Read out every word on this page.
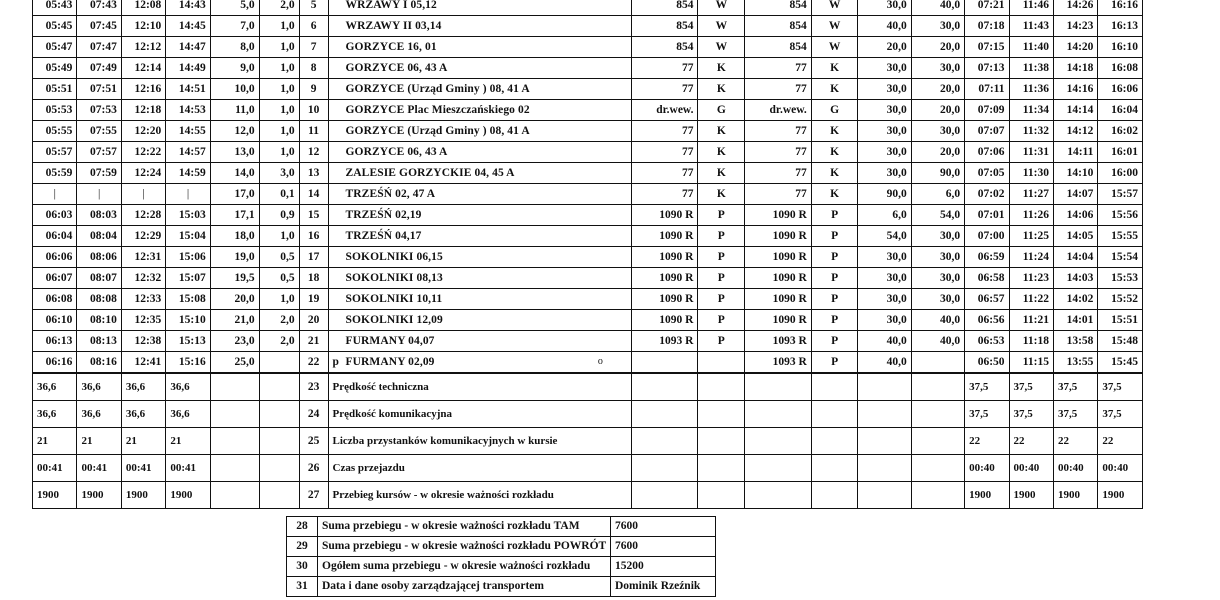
05:43	07:43	12:08	14:43	5,0	2,0	5	WRZAWY I 05,12	854	W	854	W	30,0	40,0	07:21	11:46	14:26	16:16
05:45	07:45	12:10	14:45	7,0	1,0	6	WRZAWY II 03,14	854	W	854	W	40,0	30,0	07:18	11:43	14:23	16:13
05:47	07:47	12:12	14:47	8,0	1,0	7	GORZYCE 16, 01	854	W	854	W	20,0	20,0	07:15	11:40	14:20	16:10
05:49	07:49	12:14	14:49	9,0	1,0	8	GORZYCE 06, 43 A	77	K	77	K	30,0	30,0	07:13	11:38	14:18	16:08
05:51	07:51	12:16	14:51	10,0	1,0	9	GORZYCE (Urząd Gminy ) 08, 41 A	77	K	77	K	30,0	20,0	07:11	11:36	14:16	16:06
05:53	07:53	12:18	14:53	11,0	1,0	10	GORZYCE Plac Mieszczańskiego 02	dr.wew.	G	dr.wew.	G	30,0	20,0	07:09	11:34	14:14	16:04
05:55	07:55	12:20	14:55	12,0	1,0	11	GORZYCE (Urząd Gminy ) 08, 41 A	77	K	77	K	30,0	30,0	07:07	11:32	14:12	16:02
05:57	07:57	12:22	14:57	13,0	1,0	12	GORZYCE 06, 43 A	77	K	77	K	30,0	20,0	07:06	11:31	14:11	16:01
05:59	07:59	12:24	14:59	14,0	3,0	13	ZALESIE GORZYCKIE 04, 45 A	77	K	77	K	30,0	90,0	07:05	11:30	14:10	16:00
|	|	|	|	17,0	0,1	14	TRZEŚŃ 02, 47 A	77	K	77	K	90,0	6,0	07:02	11:27	14:07	15:57
06:03	08:03	12:28	15:03	17,1	0,9	15	TRZEŚŃ 02,19	1090 R	P	1090 R	P	6,0	54,0	07:01	11:26	14:06	15:56
06:04	08:04	12:29	15:04	18,0	1,0	16	TRZEŚŃ 04,17	1090 R	P	1090 R	P	54,0	30,0	07:00	11:25	14:05	15:55
06:06	08:06	12:31	15:06	19,0	0,5	17	SOKOLNIKI 06,15	1090 R	P	1090 R	P	30,0	30,0	06:59	11:24	14:04	15:54
06:07	08:07	12:32	15:07	19,5	0,5	18	SOKOLNIKI 08,13	1090 R	P	1090 R	P	30,0	30,0	06:58	11:23	14:03	15:53
06:08	08:08	12:33	15:08	20,0	1,0	19	SOKOLNIKI 10,11	1090 R	P	1090 R	P	30,0	30,0	06:57	11:22	14:02	15:52
06:10	08:10	12:35	15:10	21,0	2,0	20	SOKOLNIKI 12,09	1090 R	P	1090 R	P	30,0	40,0	06:56	11:21	14:01	15:51
06:13	08:13	12:38	15:13	23,0	2,0	21	FURMANY 04,07	1093 R	P	1093 R	P	40,0	40,0	06:53	11:18	13:58	15:48
06:16	08:16	12:41	15:16	25,0		22	p FURMANY 02,09 o			1093 R	P	40,0		06:50	11:15	13:55	15:45
36,6	36,6	36,6	36,6			23	Prędkość techniczna							37,5	37,5	37,5	37,5
36,6	36,6	36,6	36,6			24	Prędkość komunikacyjna							37,5	37,5	37,5	37,5
21	21	21	21			25	Liczba przystanków komunikacyjnych w kursie							22	22	22	22
00:41	00:41	00:41	00:41			26	Czas przejazdu							00:40	00:40	00:40	00:40
1900	1900	1900	1900			27	Przebieg kursów - w okresie ważności rozkładu							1900	1900	1900	1900
28	Suma przebiegu - w okresie ważności rozkładu TAM	7600
29	Suma przebiegu - w okresie ważności rozkładu POWRÓT	7600
30	Ogółem suma przebiegu - w okresie ważności rozkładu	15200
31	Data i dane osoby zarządzającej transportem	Dominik Rzeźnik
